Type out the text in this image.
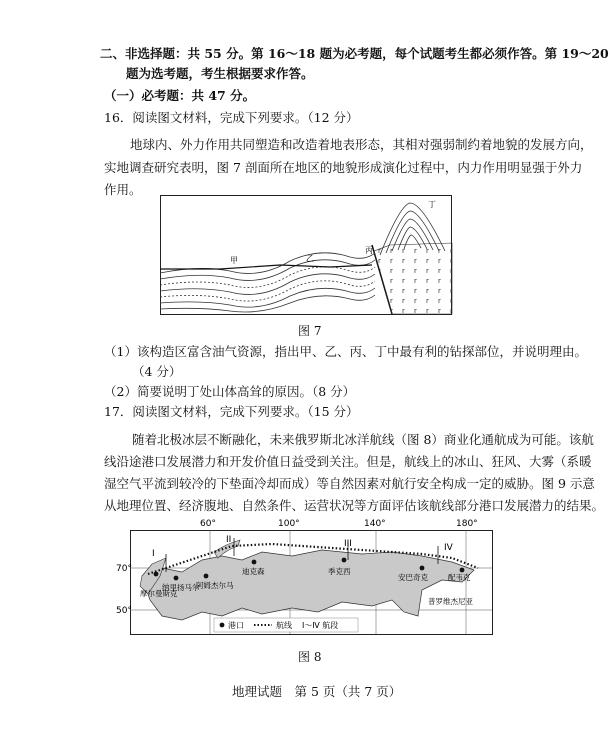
二、非选择题：共 55 分。第 16～18 题为必考题，每个试题考生都必须作答。第 19～20
题为选考题，考生根据要求作答。
（一）必考题：共 47 分。
16．阅读图文材料，完成下列要求。（12 分）
地球内、外力作用共同塑造和改造着地表形态，其相对强弱制约着地貌的发展方向，
实地调查研究表明，图 7 剖面所在地区的地貌形成演化过程中，内力作用明显强于外力
作用。
甲	乙
丙
丁
图 7
（1）该构造区富含油气资源，指出甲、乙、丙、丁中最有利的钻探部位，并说明理由。
（4 分）
（2）简要说明丁处山体高耸的原因。（8 分）
17．阅读图文材料，完成下列要求。（15 分）
随着北极冰层不断融化，未来俄罗斯北冰洋航线（图 8）商业化通航成为可能。该航
线沿途港口发展潜力和开发价值日益受到关注。但是，航线上的冰山、狂风、大雾（系暖
湿空气平流到较冷的下垫面冷却而成）等自然因素对航行安全构成一定的威胁。图 9 示意
从地理位置、经济腹地、自然条件、运营状况等方面评估该航线部分港口发展潜力的结果。
60°	100°	140°	180°
70°
50°
I
II	III	IV
摩尔曼斯克
纳里扬马尔
阿姆杰尔马
迪克森	季克西
安巴奇克	配韦克
普罗维杰尼亚
港口	航线 Ⅰ～Ⅳ 航段
图 8
地理试题　第 5 页（共 7 页）
